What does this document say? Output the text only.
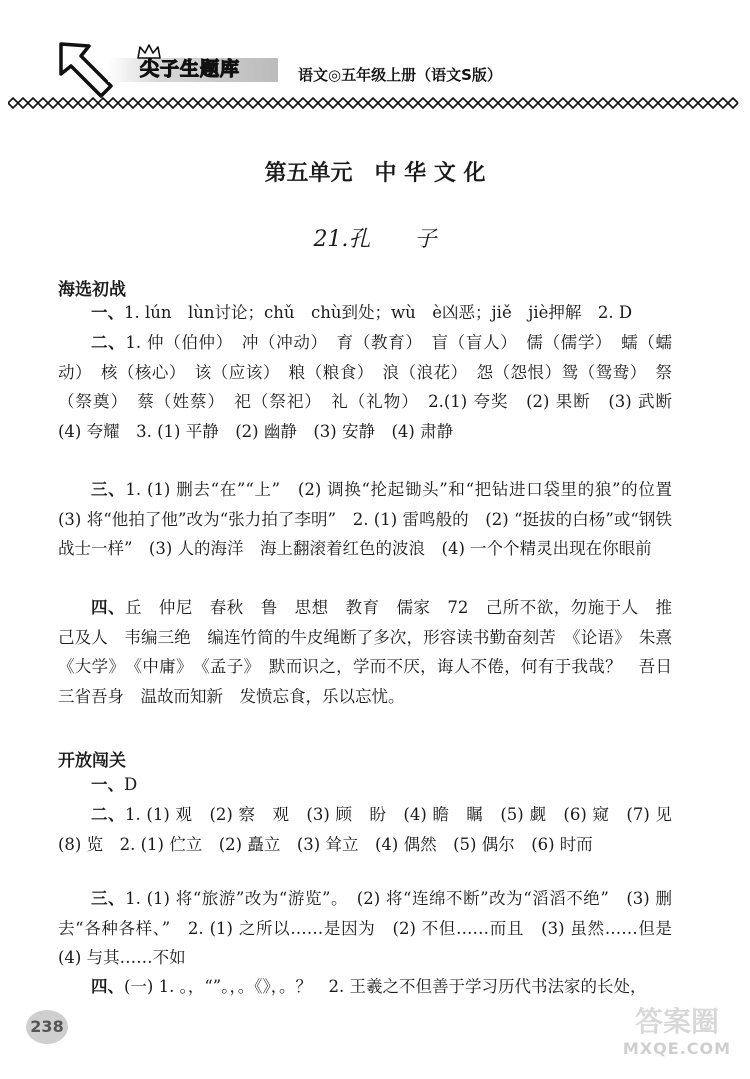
尖子生题库	语文◎五年级上册（语文S版）
第五单元　中 华 文 化
21.孔　　子
海选初战

一、1. lún　lùn讨论；chǔ　chù到处；wù　è凶恶；jiě　jiè押解　2. D

二、1. 仲（伯仲）　冲（冲动）　育（教育）　盲（盲人）　儒（儒学）　蠕（蠕动）　核（核心）　该（应该）　粮（粮食）　浪（浪花）　怨（怨恨）鸳（鸳鸯）　祭（祭奠）　蔡（姓蔡）　祀（祭祀）　礼（礼物）　2.(1) 夸奖　(2) 果断　(3) 武断　(4) 夸耀　3. (1) 平静　(2) 幽静　(3) 安静　(4) 肃静

三、1. (1) 删去“在”“上”　(2) 调换“抡起锄头”和“把钻进口袋里的狼”的位置　(3) 将“他拍了他”改为“张力拍了李明”　2. (1) 雷鸣般的　(2) “挺拔的白杨”或“钢铁战士一样”　(3) 人的海洋　海上翻滚着红色的波浪　(4) 一个个精灵出现在你眼前

四、丘　仲尼　春秋　鲁　思想　教育　儒家　72　己所不欲，勿施于人　推己及人　韦编三绝　编连竹简的牛皮绳断了多次，形容读书勤奋刻苦　《论语》　朱熹　《大学》　《中庸》　《孟子》　默而识之，学而不厌，诲人不倦，何有于我哉？　吾日三省吾身　温故而知新　发愤忘食，乐以忘忧。

开放闯关

一、D

二、1. (1) 观　(2) 察　观　(3) 顾　盼　(4) 瞻　瞩　(5) 觑　(6) 窥　(7) 见　(8) 览　2. (1) 伫立　(2) 矗立　(3) 耸立　(4) 偶然　(5) 偶尔　(6) 时而

三、1. (1) 将“旅游”改为“游览”。　(2) 将“连绵不断”改为“滔滔不绝”　(3) 删去“各种各样、”　2. (1) 之所以……是因为　(2) 不但……而且　(3) 虽然……但是　(4) 与其……不如

四、(一) 1. 。，“”。，。《》，。？　2. 王羲之不但善于学习历代书法家的长处，

238	答案圈
MXQE.COM
